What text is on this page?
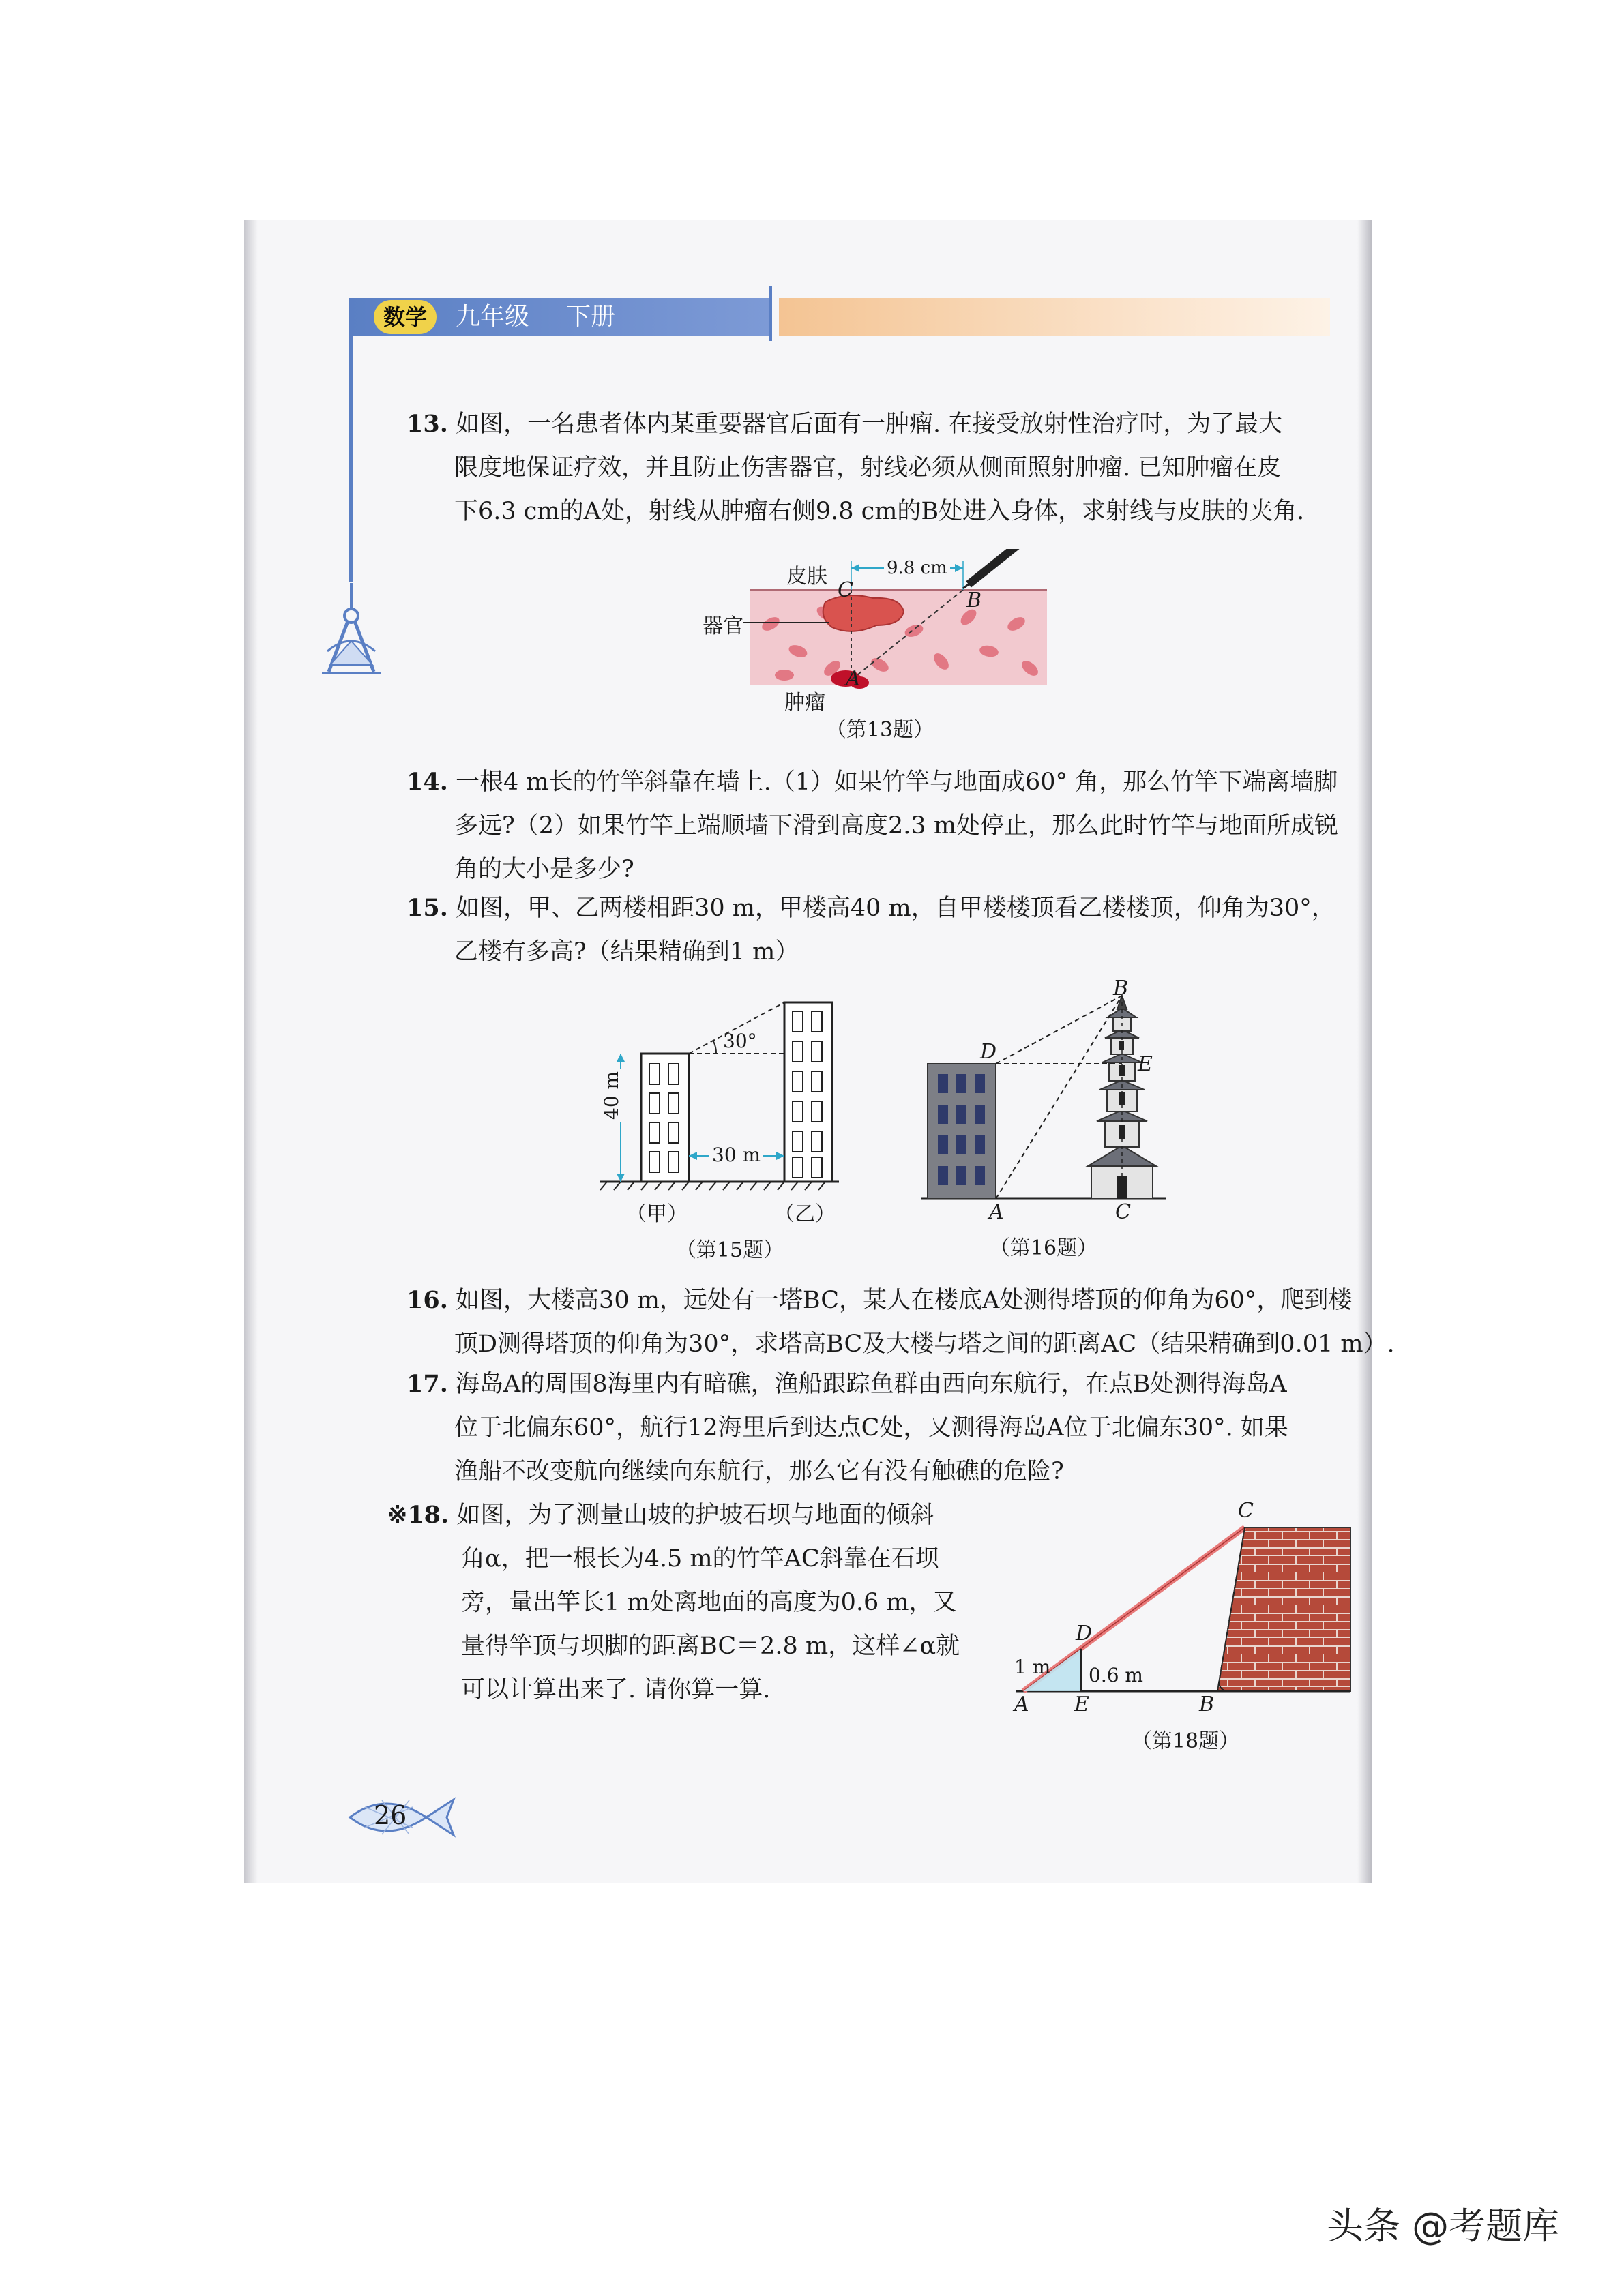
数学	九年级 下册
13. 如图，一名患者体内某重要器官后面有一肿瘤. 在接受放射性治疗时，为了最大
限度地保证疗效，并且防止伤害器官，射线必须从侧面照射肿瘤. 已知肿瘤在皮
下6.3 cm的A处，射线从肿瘤右侧9.8 cm的B处进入身体，求射线与皮肤的夹角.
皮肤	9.8 cm
C	B
器官
A
肿瘤
（第13题）
14. 一根4 m长的竹竿斜靠在墙上.（1）如果竹竿与地面成60° 角，那么竹竿下端离墙脚
多远?（2）如果竹竿上端顺墙下滑到高度2.3 m处停止，那么此时竹竿与地面所成锐
角的大小是多少?
15. 如图，甲、乙两楼相距30 m，甲楼高40 m，自甲楼楼顶看乙楼楼顶，仰角为30°，
乙楼有多高?（结果精确到1 m）
30°
40 m
30 m
（甲）	（乙）
（第15题）
B
D
E
A	C
（第16题）
16. 如图，大楼高30 m，远处有一塔BC，某人在楼底A处测得塔顶的仰角为60°，爬到楼
顶D测得塔顶的仰角为30°，求塔高BC及大楼与塔之间的距离AC（结果精确到0.01 m）.
17. 海岛A的周围8海里内有暗礁，渔船跟踪鱼群由西向东航行，在点B处测得海岛A
位于北偏东60°，航行12海里后到达点C处，又测得海岛A位于北偏东30°. 如果
渔船不改变航向继续向东航行，那么它有没有触礁的危险?
※18. 如图，为了测量山坡的护坡石坝与地面的倾斜
角α，把一根长为4.5 m的竹竿AC斜靠在石坝
旁，量出竿长1 m处离地面的高度为0.6 m，又
量得竿顶与坝脚的距离BC＝2.8 m，这样∠α就
可以计算出来了. 请你算一算.
C
D
1 m 0.6 m
A E	B
（第18题）
26
头条 @考题库
